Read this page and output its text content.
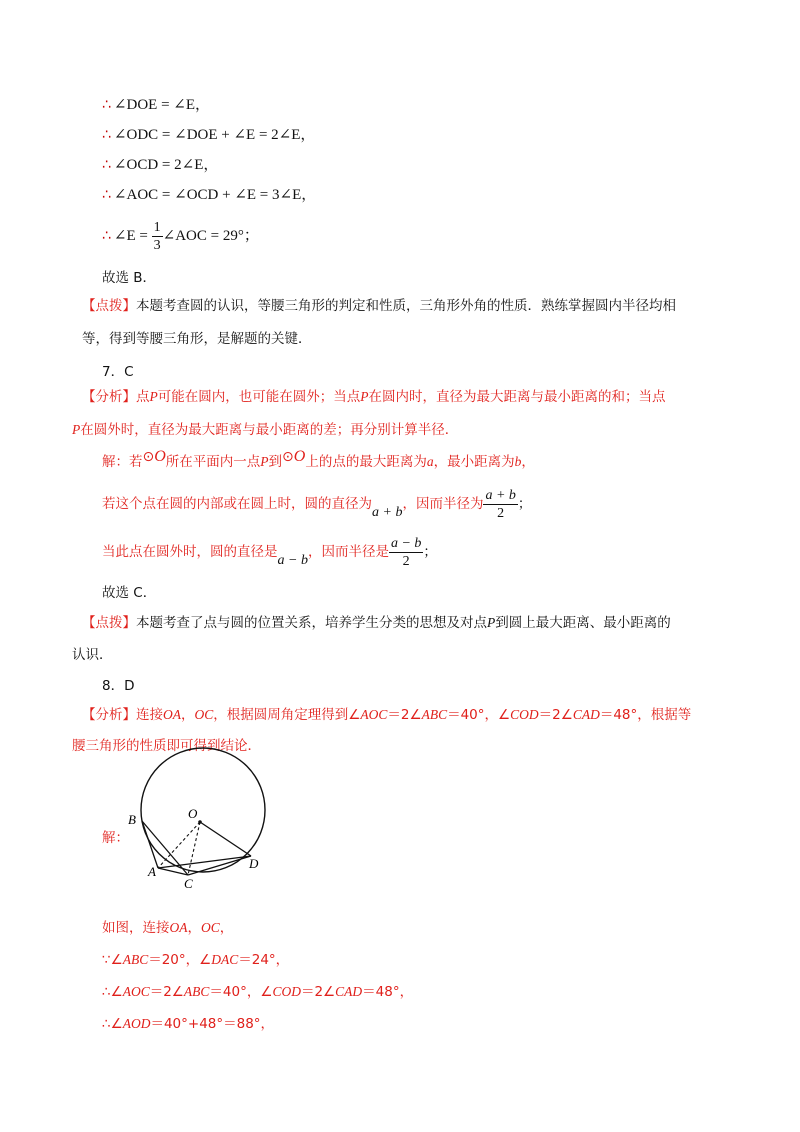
∴ ∠DOE = ∠E，
∴ ∠ODC = ∠DOE + ∠E = 2∠E，
∴ ∠OCD = 2∠E，
∴ ∠AOC = ∠OCD + ∠E = 3∠E，
∴ ∠E = $\frac{1}{3}$ ∠AOC = 29°；
故选 B．
【点拨】本题考查圆的认识，等腰三角形的判定和性质，三角形外角的性质．熟练掌握圆内半径均相
等，得到等腰三角形，是解题的关键．
7．C
【分析】点P可能在圆内，也可能在圆外；当点P在圆内时，直径为最大距离与最小距离的和；当点
P在圆外时，直径为最大距离与最小距离的差；再分别计算半径．
解：若⊙O所在平面内一点P到⊙O上的点的最大距离为a，最小距离为b，
若这个点在圆的内部或在圆上时，圆的直径为a + b，因而半径为 $\frac{a + b}{2}$ ；
当此点在圆外时，圆的直径是a − b，因而半径是 $\frac{a - b}{2}$ ；
故选 C．
【点拨】本题考查了点与圆的位置关系，培养学生分类的思想及对点P到圆上最大距离、最小距离的
认识．
8．D
【分析】连接OA，OC，根据圆周角定理得到∠AOC＝2∠ABC＝40°，∠COD＝2∠CAD＝48°，根据等
腰三角形的性质即可得到结论．
解：
B	O
D
A
C
如图，连接OA，OC，
∵∠ABC＝20°，∠DAC＝24°，
∴∠AOC＝2∠ABC＝40°，∠COD＝2∠CAD＝48°，
∴∠AOD＝40°+48°＝88°，
